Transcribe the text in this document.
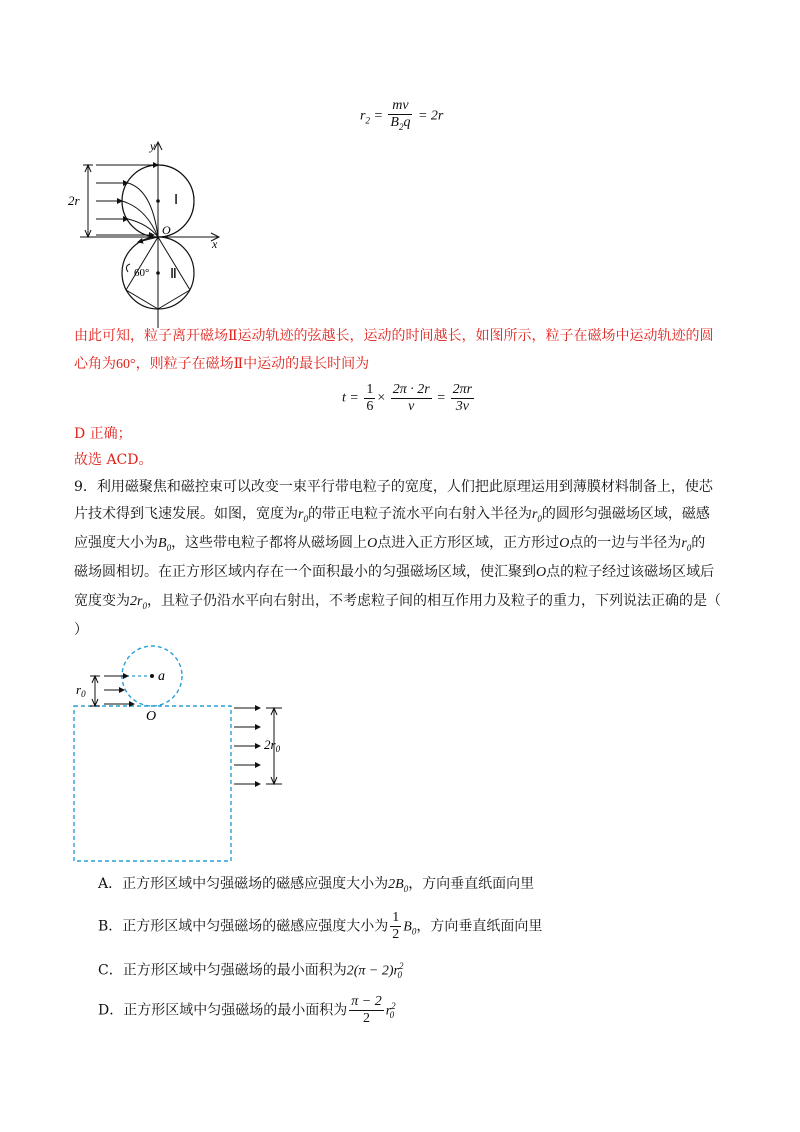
$r_2 = \frac{mv}{B_2q} = 2r$
2r
y
x
O
Ⅰ
Ⅱ
60°
由此可知，粒子离开磁场Ⅱ运动轨迹的弦越长，运动的时间越长，如图所示，粒子在磁场中运动轨迹的圆
心角为60°，则粒子在磁场Ⅱ中运动的最长时间为
$t = \frac{1}{6} \times \frac{2\pi \cdot 2r}{v} = \frac{2\pi r}{3v}$
D 正确；
故选 ACD。
9．利用磁聚焦和磁控束可以改变一束平行带电粒子的宽度，人们把此原理运用到薄膜材料制备上，使芯
片技术得到飞速发展。如图，宽度为$r_0$的带正电粒子流水平向右射入半径为$r_0$的圆形匀强磁场区域，磁感
应强度大小为$B_0$，这些带电粒子都将从磁场圆上O点进入正方形区域，正方形过O点的一边与半径为$r_0$的
磁场圆相切。在正方形区域内存在一个面积最小的匀强磁场区域，使汇聚到O点的粒子经过该磁场区域后
宽度变为$2r_0$，且粒子仍沿水平向右射出，不考虑粒子间的相互作用力及粒子的重力，下列说法正确的是（
）
a
$r_0$
O
$2r_0$
A．正方形区域中匀强磁场的磁感应强度大小为$2B_0$，方向垂直纸面向里
B．正方形区域中匀强磁场的磁感应强度大小为 $\frac{1}{2} B_0$，方向垂直纸面向里
C．正方形区域中匀强磁场的最小面积为$2(\pi - 2)r^2_0$
D．正方形区域中匀强磁场的最小面积为 $\frac{\pi - 2}{2} r^2_0$
